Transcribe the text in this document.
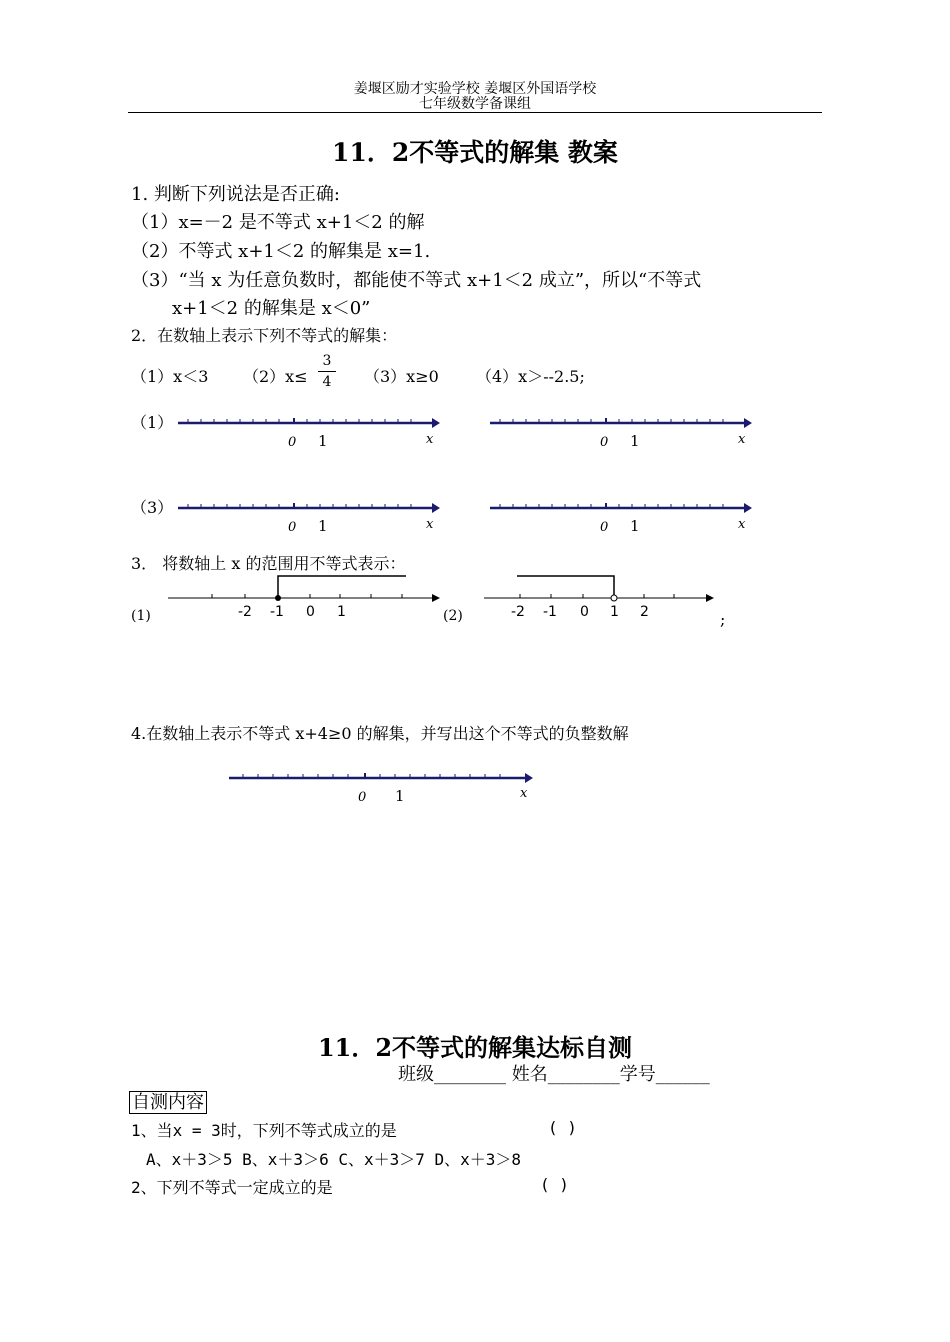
姜堰区励才实验学校 姜堰区外国语学校
七年级数学备课组
11．2不等式的解集 教案
1. 判断下列说法是否正确:
（1）x=－2 是不等式 x+1＜2 的解
（2）不等式 x+1＜2 的解集是 x=1.
（3）“当 x 为任意负数时，都能使不等式 x+1＜2 成立”，所以“不等式
x+1＜2 的解集是 x＜0”
2．在数轴上表示下列不等式的解集：
（1）x＜3 （2）x≤
3
4 （3）x≥0 （4）x＞--2.5;
（1）
（3）
0 1	x	0 1	x
0 1	x	0 1	x
3． 将数轴上 x 的范围用不等式表示：
(1)	(2)	;
-2 -1 0 1	-2 -1 0 1 2
4.在数轴上表示不等式 x+4≥0 的解集，并写出这个不等式的负整数解
0 1	x
11．2不等式的解集达标自测
班级________ 姓名________学号______
自测内容
1、当x = 3时，下列不等式成立的是	( )
A、x＋3＞5 B、x＋3＞6 C、x＋3＞7 D、x＋3＞8
2、下列不等式一定成立的是	( )
